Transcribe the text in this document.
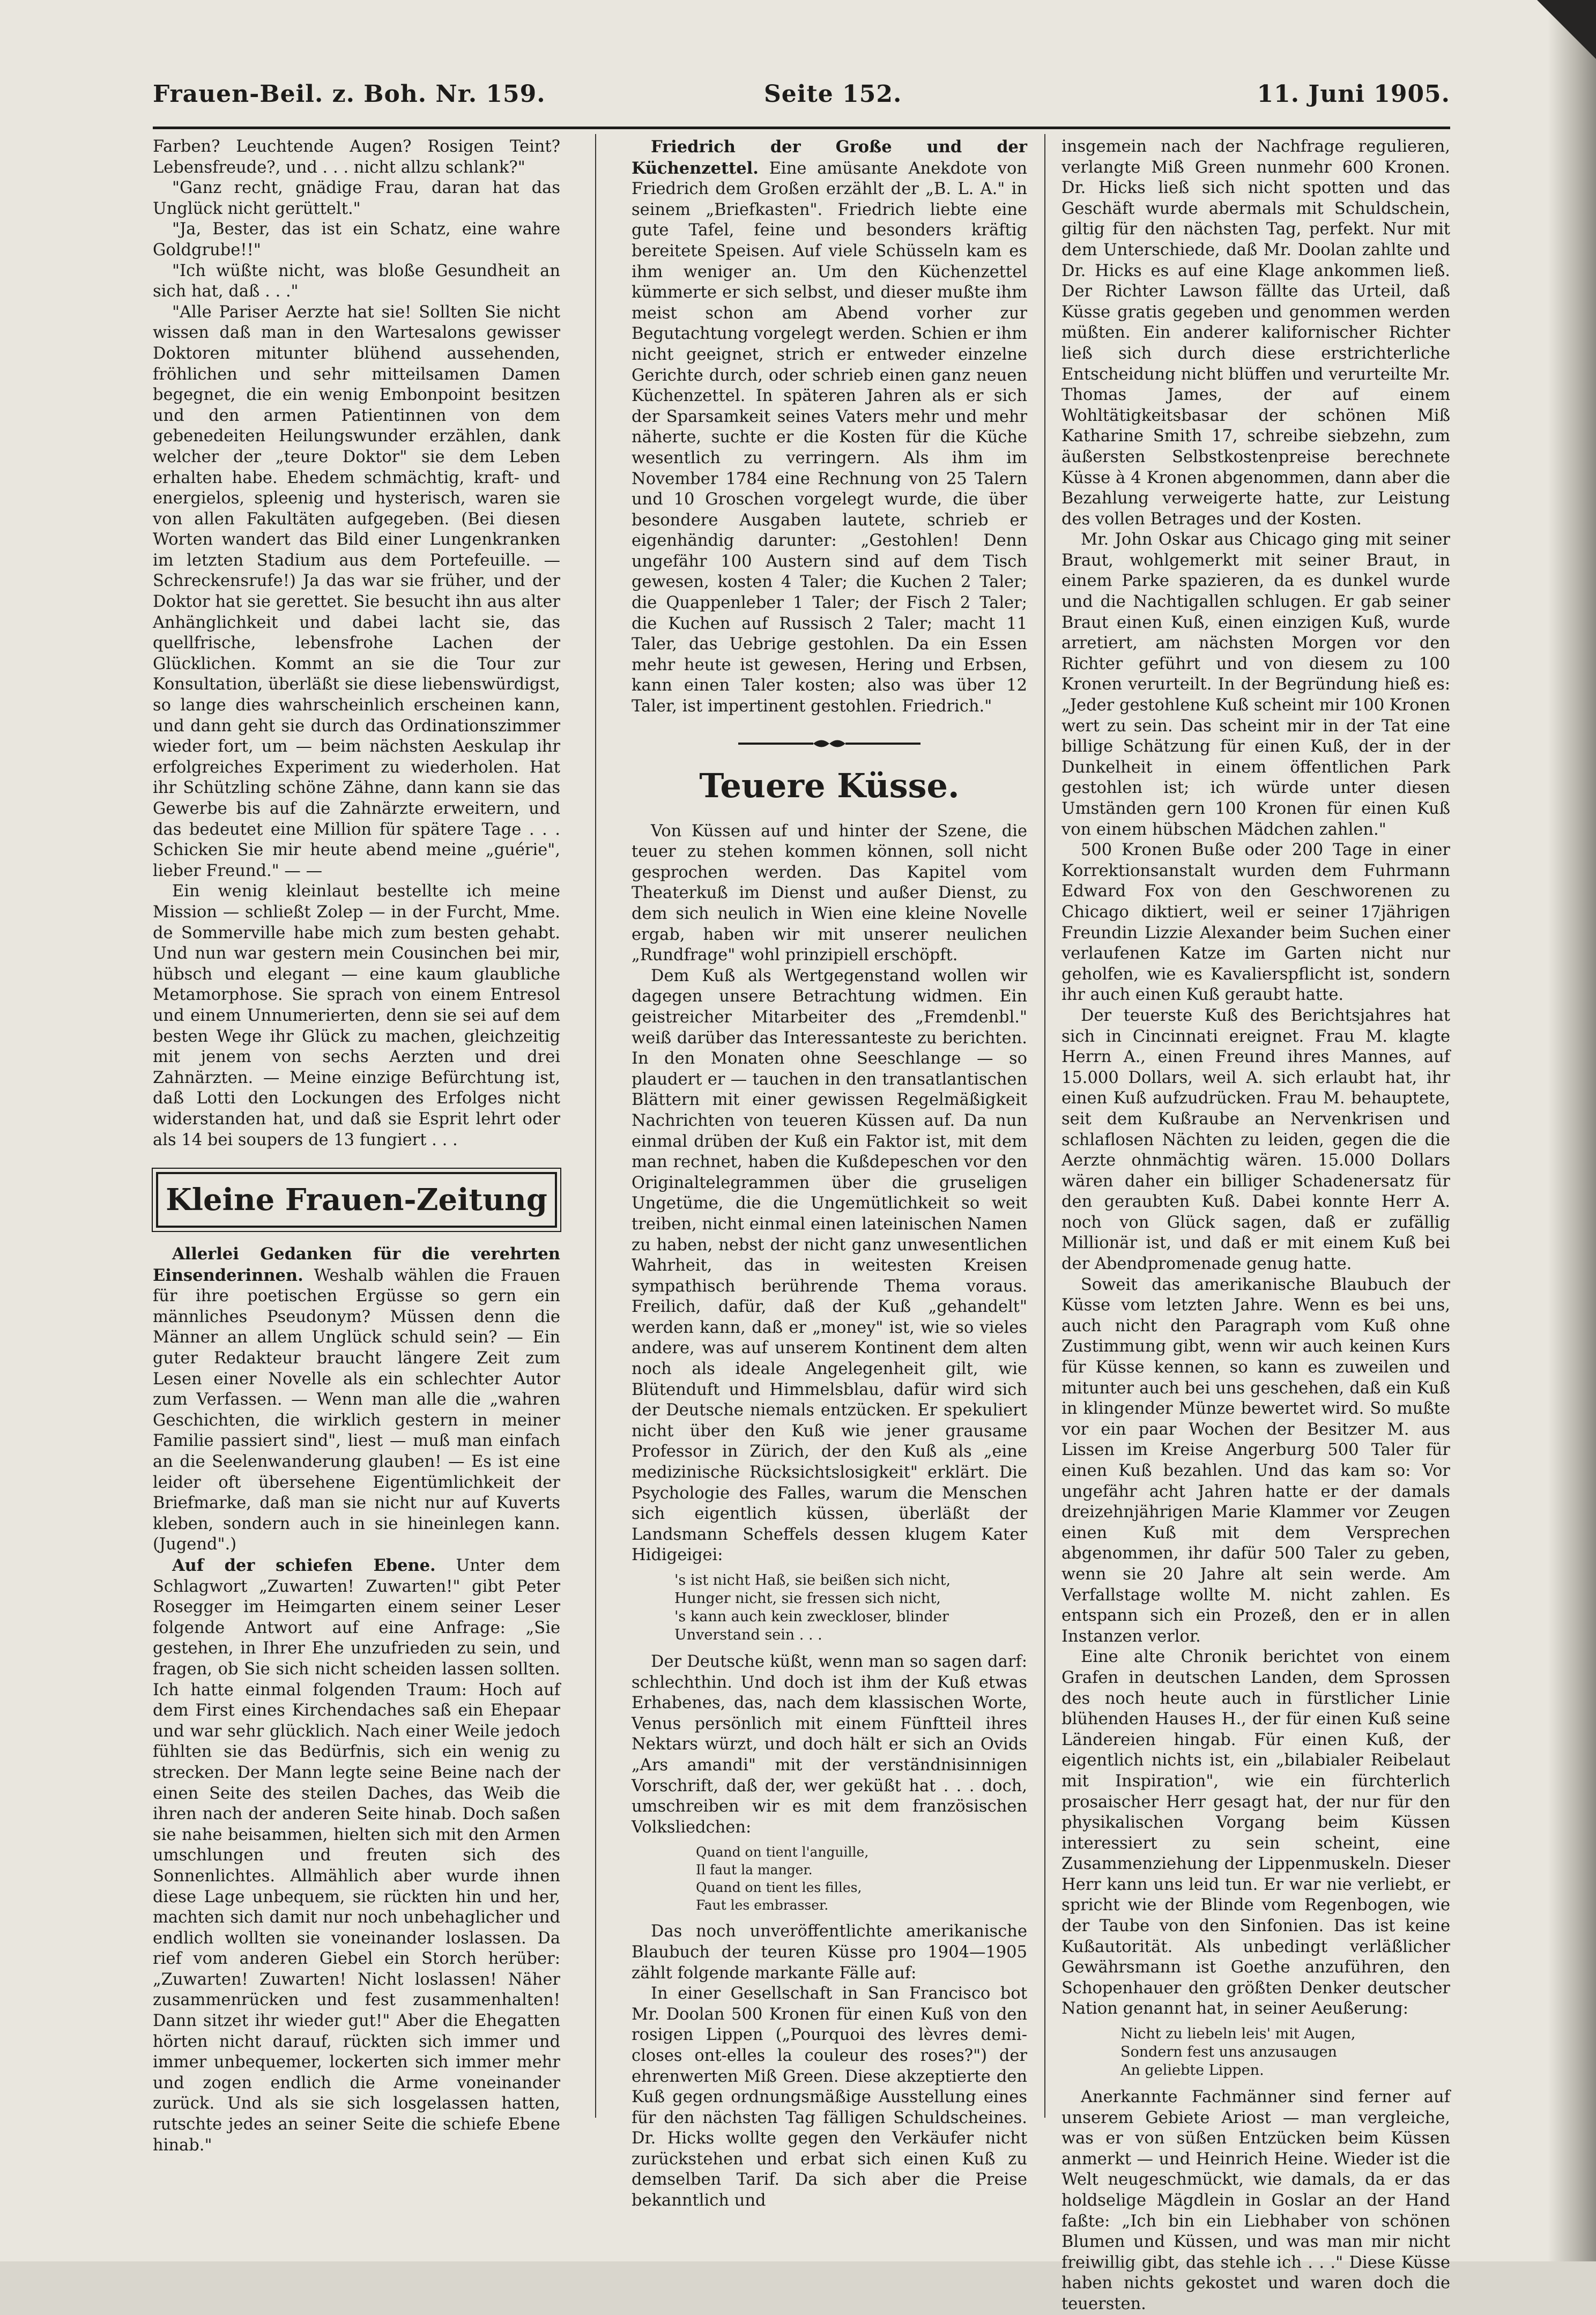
Frauen-Beil. z. Boh. Nr. 159.	Seite 152.	11. Juni 1905.

Farben? Leuchtende Augen? Rosigen Teint? Lebensfreude?, und . . . nicht allzu schlank?"

"Ganz recht, gnädige Frau, daran hat das Unglück nicht gerüttelt."

"Ja, Bester, das ist ein Schatz, eine wahre Goldgrube!!"

"Ich wüßte nicht, was bloße Gesundheit an sich hat, daß . . ."

"Alle Pariser Aerzte hat sie! Sollten Sie nicht wissen daß man in den Wartesalons gewisser Doktoren mitunter blühend aussehenden, fröhlichen und sehr mitteilsamen Damen begegnet, die ein wenig Embonpoint besitzen und den armen Patientinnen von dem gebenedeiten Heilungswunder erzählen, dank welcher der „teure Doktor" sie dem Leben erhalten habe. Ehedem schmächtig, kraft- und energielos, spleenig und hysterisch, waren sie von allen Fakultäten aufgegeben. (Bei diesen Worten wandert das Bild einer Lungenkranken im letzten Stadium aus dem Portefeuille. — Schreckensrufe!) Ja das war sie früher, und der Doktor hat sie gerettet. Sie besucht ihn aus alter Anhänglichkeit und dabei lacht sie, das quellfrische, lebensfrohe Lachen der Glücklichen. Kommt an sie die Tour zur Konsultation, überläßt sie diese liebenswürdigst, so lange dies wahrscheinlich erscheinen kann, und dann geht sie durch das Ordinationszimmer wieder fort, um — beim nächsten Aeskulap ihr erfolgreiches Experiment zu wiederholen. Hat ihr Schützling schöne Zähne, dann kann sie das Gewerbe bis auf die Zahnärzte erweitern, und das bedeutet eine Million für spätere Tage . . . Schicken Sie mir heute abend meine „guérie", lieber Freund." — —

Ein wenig kleinlaut bestellte ich meine Mission — schließt Zolep — in der Furcht, Mme. de Sommerville habe mich zum besten gehabt. Und nun war gestern mein Cousinchen bei mir, hübsch und elegant — eine kaum glaubliche Metamorphose. Sie sprach von einem Entresol und einem Unnumerierten, denn sie sei auf dem besten Wege ihr Glück zu machen, gleichzeitig mit jenem von sechs Aerzten und drei Zahnärzten. — Meine einzige Befürchtung ist, daß Lotti den Lockungen des Erfolges nicht widerstanden hat, und daß sie Esprit lehrt oder als 14 bei soupers de 13 fungiert . . .

Kleine Frauen-Zeitung

Allerlei Gedanken für die verehrten Einsenderinnen. Weshalb wählen die Frauen für ihre poetischen Ergüsse so gern ein männliches Pseudonym? Müssen denn die Männer an allem Unglück schuld sein? — Ein guter Redakteur braucht längere Zeit zum Lesen einer Novelle als ein schlechter Autor zum Verfassen. — Wenn man alle die „wahren Geschichten, die wirklich gestern in meiner Familie passiert sind", liest — muß man einfach an die Seelenwanderung glauben! — Es ist eine leider oft übersehene Eigentümlichkeit der Briefmarke, daß man sie nicht nur auf Kuverts kleben, sondern auch in sie hineinlegen kann. (Jugend".)

Auf der schiefen Ebene. Unter dem Schlagwort „Zuwarten! Zuwarten!" gibt Peter Rosegger im Heimgarten einem seiner Leser folgende Antwort auf eine Anfrage: „Sie gestehen, in Ihrer Ehe unzufrieden zu sein, und fragen, ob Sie sich nicht scheiden lassen sollten. Ich hatte einmal folgenden Traum: Hoch auf dem First eines Kirchendaches saß ein Ehepaar und war sehr glücklich. Nach einer Weile jedoch fühlten sie das Bedürfnis, sich ein wenig zu strecken. Der Mann legte seine Beine nach der einen Seite des steilen Daches, das Weib die ihren nach der anderen Seite hinab. Doch saßen sie nahe beisammen, hielten sich mit den Armen umschlungen und freuten sich des Sonnenlichtes. Allmählich aber wurde ihnen diese Lage unbequem, sie rückten hin und her, machten sich damit nur noch unbehaglicher und endlich wollten sie voneinander loslassen. Da rief vom anderen Giebel ein Storch herüber: „Zuwarten! Zuwarten! Nicht loslassen! Näher zusammenrücken und fest zusammenhalten! Dann sitzet ihr wieder gut!" Aber die Ehegatten hörten nicht darauf, rückten sich immer und immer unbequemer, lockerten sich immer mehr und zogen endlich die Arme voneinander zurück. Und als sie sich losgelassen hatten, rutschte jedes an seiner Seite die schiefe Ebene hinab."

Friedrich der Große und der Küchenzettel. Eine amüsante Anekdote von Friedrich dem Großen erzählt der „B. L. A." in seinem „Briefkasten". Friedrich liebte eine gute Tafel, feine und besonders kräftig bereitete Speisen. Auf viele Schüsseln kam es ihm weniger an. Um den Küchenzettel kümmerte er sich selbst, und dieser mußte ihm meist schon am Abend vorher zur Begutachtung vorgelegt werden. Schien er ihm nicht geeignet, strich er entweder einzelne Gerichte durch, oder schrieb einen ganz neuen Küchenzettel. In späteren Jahren als er sich der Sparsamkeit seines Vaters mehr und mehr näherte, suchte er die Kosten für die Küche wesentlich zu verringern. Als ihm im November 1784 eine Rechnung von 25 Talern und 10 Groschen vorgelegt wurde, die über besondere Ausgaben lautete, schrieb er eigenhändig darunter: „Gestohlen! Denn ungefähr 100 Austern sind auf dem Tisch gewesen, kosten 4 Taler; die Kuchen 2 Taler; die Quappenleber 1 Taler; der Fisch 2 Taler; die Kuchen auf Russisch 2 Taler; macht 11 Taler, das Uebrige gestohlen. Da ein Essen mehr heute ist gewesen, Hering und Erbsen, kann einen Taler kosten; also was über 12 Taler, ist impertinent gestohlen. Friedrich."

Teuere Küsse.

Von Küssen auf und hinter der Szene, die teuer zu stehen kommen können, soll nicht gesprochen werden. Das Kapitel vom Theaterkuß im Dienst und außer Dienst, zu dem sich neulich in Wien eine kleine Novelle ergab, haben wir mit unserer neulichen „Rundfrage" wohl prinzipiell erschöpft.

Dem Kuß als Wertgegenstand wollen wir dagegen unsere Betrachtung widmen. Ein geistreicher Mitarbeiter des „Fremdenbl." weiß darüber das Interessanteste zu berichten. In den Monaten ohne Seeschlange — so plaudert er — tauchen in den transatlantischen Blättern mit einer gewissen Regelmäßigkeit Nachrichten von teueren Küssen auf. Da nun einmal drüben der Kuß ein Faktor ist, mit dem man rechnet, haben die Kußdepeschen vor den Originaltelegrammen über die gruseligen Ungetüme, die die Ungemütlichkeit so weit treiben, nicht einmal einen lateinischen Namen zu haben, nebst der nicht ganz unwesentlichen Wahrheit, das in weitesten Kreisen sympathisch berührende Thema voraus. Freilich, dafür, daß der Kuß „gehandelt" werden kann, daß er „money" ist, wie so vieles andere, was auf unserem Kontinent dem alten noch als ideale Angelegenheit gilt, wie Blütenduft und Himmelsblau, dafür wird sich der Deutsche niemals entzücken. Er spekuliert nicht über den Kuß wie jener grausame Professor in Zürich, der den Kuß als „eine medizinische Rücksichtslosigkeit" erklärt. Die Psychologie des Falles, warum die Menschen sich eigentlich küssen, überläßt der Landsmann Scheffels dessen klugem Kater Hidigeigei:

's ist nicht Haß, sie beißen sich nicht,
Hunger nicht, sie fressen sich nicht,
's kann auch kein zweckloser, blinder
Unverstand sein . . .

Der Deutsche küßt, wenn man so sagen darf: schlechthin. Und doch ist ihm der Kuß etwas Erhabenes, das, nach dem klassischen Worte, Venus persönlich mit einem Fünftteil ihres Nektars würzt, und doch hält er sich an Ovids „Ars amandi" mit der verständnisinnigen Vorschrift, daß der, wer geküßt hat . . . doch, umschreiben wir es mit dem französischen Volksliedchen:

Quand on tient l'anguille,
Il faut la manger.
Quand on tient les filles,
Faut les embrasser.

Das noch unveröffentlichte amerikanische Blaubuch der teuren Küsse pro 1904—1905 zählt folgende markante Fälle auf:

In einer Gesellschaft in San Francisco bot Mr. Doolan 500 Kronen für einen Kuß von den rosigen Lippen („Pourquoi des lèvres demi-closes ont-elles la couleur des roses?") der ehrenwerten Miß Green. Diese akzeptierte den Kuß gegen ordnungsmäßige Ausstellung eines für den nächsten Tag fälligen Schuldscheines. Dr. Hicks wollte gegen den Verkäufer nicht zurückstehen und erbat sich einen Kuß zu demselben Tarif. Da sich aber die Preise bekanntlich und

insgemein nach der Nachfrage regulieren, verlangte Miß Green nunmehr 600 Kronen. Dr. Hicks ließ sich nicht spotten und das Geschäft wurde abermals mit Schuldschein, giltig für den nächsten Tag, perfekt. Nur mit dem Unterschiede, daß Mr. Doolan zahlte und Dr. Hicks es auf eine Klage ankommen ließ. Der Richter Lawson fällte das Urteil, daß Küsse gratis gegeben und genommen werden müßten. Ein anderer kalifornischer Richter ließ sich durch diese erstrichterliche Entscheidung nicht blüffen und verurteilte Mr. Thomas James, der auf einem Wohltätigkeitsbasar der schönen Miß Katharine Smith 17, schreibe siebzehn, zum äußersten Selbstkostenpreise berechnete Küsse à 4 Kronen abgenommen, dann aber die Bezahlung verweigerte hatte, zur Leistung des vollen Betrages und der Kosten.

Mr. John Oskar aus Chicago ging mit seiner Braut, wohlgemerkt mit seiner Braut, in einem Parke spazieren, da es dunkel wurde und die Nachtigallen schlugen. Er gab seiner Braut einen Kuß, einen einzigen Kuß, wurde arretiert, am nächsten Morgen vor den Richter geführt und von diesem zu 100 Kronen verurteilt. In der Begründung hieß es: „Jeder gestohlene Kuß scheint mir 100 Kronen wert zu sein. Das scheint mir in der Tat eine billige Schätzung für einen Kuß, der in der Dunkelheit in einem öffentlichen Park gestohlen ist; ich würde unter diesen Umständen gern 100 Kronen für einen Kuß von einem hübschen Mädchen zahlen."

500 Kronen Buße oder 200 Tage in einer Korrektionsanstalt wurden dem Fuhrmann Edward Fox von den Geschworenen zu Chicago diktiert, weil er seiner 17jährigen Freundin Lizzie Alexander beim Suchen einer verlaufenen Katze im Garten nicht nur geholfen, wie es Kavalierspflicht ist, sondern ihr auch einen Kuß geraubt hatte.

Der teuerste Kuß des Berichtsjahres hat sich in Cincinnati ereignet. Frau M. klagte Herrn A., einen Freund ihres Mannes, auf 15.000 Dollars, weil A. sich erlaubt hat, ihr einen Kuß aufzudrücken. Frau M. behauptete, seit dem Kußraube an Nervenkrisen und schlaflosen Nächten zu leiden, gegen die die Aerzte ohnmächtig wären. 15.000 Dollars wären daher ein billiger Schadenersatz für den geraubten Kuß. Dabei konnte Herr A. noch von Glück sagen, daß er zufällig Millionär ist, und daß er mit einem Kuß bei der Abendpromenade genug hatte.

Soweit das amerikanische Blaubuch der Küsse vom letzten Jahre. Wenn es bei uns, auch nicht den Paragraph vom Kuß ohne Zustimmung gibt, wenn wir auch keinen Kurs für Küsse kennen, so kann es zuweilen und mitunter auch bei uns geschehen, daß ein Kuß in klingender Münze bewertet wird. So mußte vor ein paar Wochen der Besitzer M. aus Lissen im Kreise Angerburg 500 Taler für einen Kuß bezahlen. Und das kam so: Vor ungefähr acht Jahren hatte er der damals dreizehnjährigen Marie Klammer vor Zeugen einen Kuß mit dem Versprechen abgenommen, ihr dafür 500 Taler zu geben, wenn sie 20 Jahre alt sein werde. Am Verfallstage wollte M. nicht zahlen. Es entspann sich ein Prozeß, den er in allen Instanzen verlor.

Eine alte Chronik berichtet von einem Grafen in deutschen Landen, dem Sprossen des noch heute auch in fürstlicher Linie blühenden Hauses H., der für einen Kuß seine Ländereien hingab. Für einen Kuß, der eigentlich nichts ist, ein „bilabialer Reibelaut mit Inspiration", wie ein fürchterlich prosaischer Herr gesagt hat, der nur für den physikalischen Vorgang beim Küssen interessiert zu sein scheint, eine Zusammenziehung der Lippenmuskeln. Dieser Herr kann uns leid tun. Er war nie verliebt, er spricht wie der Blinde vom Regenbogen, wie der Taube von den Sinfonien. Das ist keine Kußautorität. Als unbedingt verläßlicher Gewährsmann ist Goethe anzuführen, den Schopenhauer den größten Denker deutscher Nation genannt hat, in seiner Aeußerung:

Nicht zu liebeln leis' mit Augen,
Sondern fest uns anzusaugen
An geliebte Lippen.

Anerkannte Fachmänner sind ferner auf unserem Gebiete Ariost — man vergleiche, was er von süßen Entzücken beim Küssen anmerkt — und Heinrich Heine. Wieder ist die Welt neugeschmückt, wie damals, da er das holdselige Mägdlein in Goslar an der Hand faßte: „Ich bin ein Liebhaber von schönen Blumen und Küssen, und was man mir nicht freiwillig gibt, das stehle ich . . ." Diese Küsse haben nichts gekostet und waren doch die teuersten.
